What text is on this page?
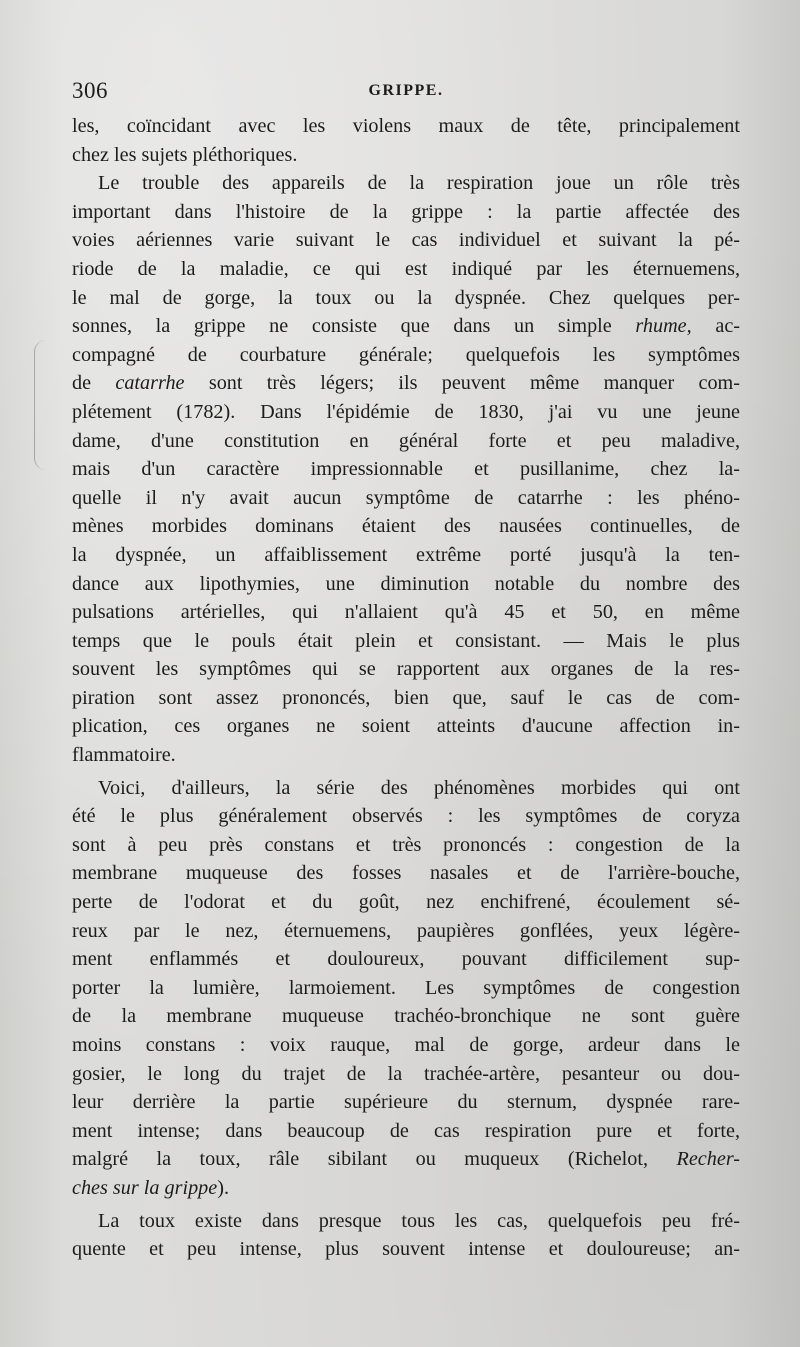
306	GRIPPE.
les, coïncidant avec les violens maux de tête, principalement
chez les sujets pléthoriques.
Le trouble des appareils de la respiration joue un rôle très
important dans l'histoire de la grippe : la partie affectée des
voies aériennes varie suivant le cas individuel et suivant la pé-
riode de la maladie, ce qui est indiqué par les éternuemens,
le mal de gorge, la toux ou la dyspnée. Chez quelques per-
sonnes, la grippe ne consiste que dans un simple rhume, ac-
compagné de courbature générale; quelquefois les symptômes
de catarrhe sont très légers; ils peuvent même manquer com-
plétement (1782). Dans l'épidémie de 1830, j'ai vu une jeune
dame, d'une constitution en général forte et peu maladive,
mais d'un caractère impressionnable et pusillanime, chez la-
quelle il n'y avait aucun symptôme de catarrhe : les phéno-
mènes morbides dominans étaient des nausées continuelles, de
la dyspnée, un affaiblissement extrême porté jusqu'à la ten-
dance aux lipothymies, une diminution notable du nombre des
pulsations artérielles, qui n'allaient qu'à 45 et 50, en même
temps que le pouls était plein et consistant. — Mais le plus
souvent les symptômes qui se rapportent aux organes de la res-
piration sont assez prononcés, bien que, sauf le cas de com-
plication, ces organes ne soient atteints d'aucune affection in-
flammatoire.
Voici, d'ailleurs, la série des phénomènes morbides qui ont
été le plus généralement observés : les symptômes de coryza
sont à peu près constans et très prononcés : congestion de la
membrane muqueuse des fosses nasales et de l'arrière-bouche,
perte de l'odorat et du goût, nez enchifrené, écoulement sé-
reux par le nez, éternuemens, paupières gonflées, yeux légère-
ment enflammés et douloureux, pouvant difficilement sup-
porter la lumière, larmoiement. Les symptômes de congestion
de la membrane muqueuse trachéo-bronchique ne sont guère
moins constans : voix rauque, mal de gorge, ardeur dans le
gosier, le long du trajet de la trachée-artère, pesanteur ou dou-
leur derrière la partie supérieure du sternum, dyspnée rare-
ment intense; dans beaucoup de cas respiration pure et forte,
malgré la toux, râle sibilant ou muqueux (Richelot, Recher-
ches sur la grippe).
La toux existe dans presque tous les cas, quelquefois peu fré-
quente et peu intense, plus souvent intense et douloureuse; an-
